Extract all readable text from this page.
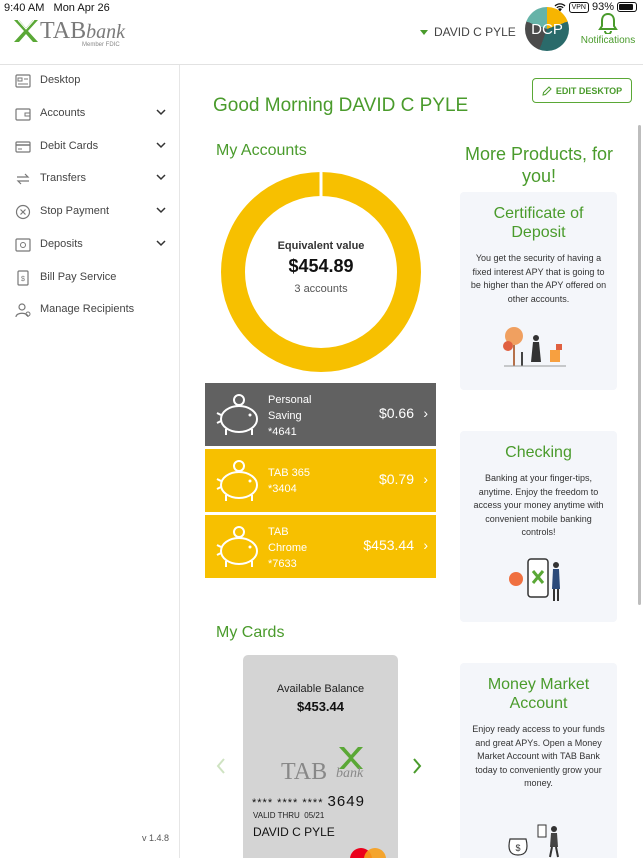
9:40 AM Mon Apr 26	VPN 93%
TABbank
Member FDIC
DAVID C PYLE DCP
Notifications
Desktop
Accounts
Debit Cards
Transfers
Stop Payment
Deposits
$ Bill Pay Service
Manage Recipients
v 1.4.8
EDIT DESKTOP
Good Morning DAVID C PYLE
My Accounts
Equivalent value
$454.89
3 accounts
Personal
Saving
*4641
$0.66 ›
TAB 365
*3404
$0.79 ›
TAB
Chrome
*7633
$453.44 ›
My Cards
Available Balance
$453.44
TAB bank
**** **** **** 3649
VALID THRU 05/21
DAVID C PYLE
More Products, for you!
Certificate of Deposit
You get the security of having a fixed interest APY that is going to be higher than the APY offered on other accounts.
Checking
Banking at your finger-tips, anytime. Enjoy the freedom to access your money anytime with convenient mobile banking controls!
Money Market Account
Enjoy ready access to your funds and great APYs. Open a Money Market Account with TAB Bank today to conveniently grow your money.
$
